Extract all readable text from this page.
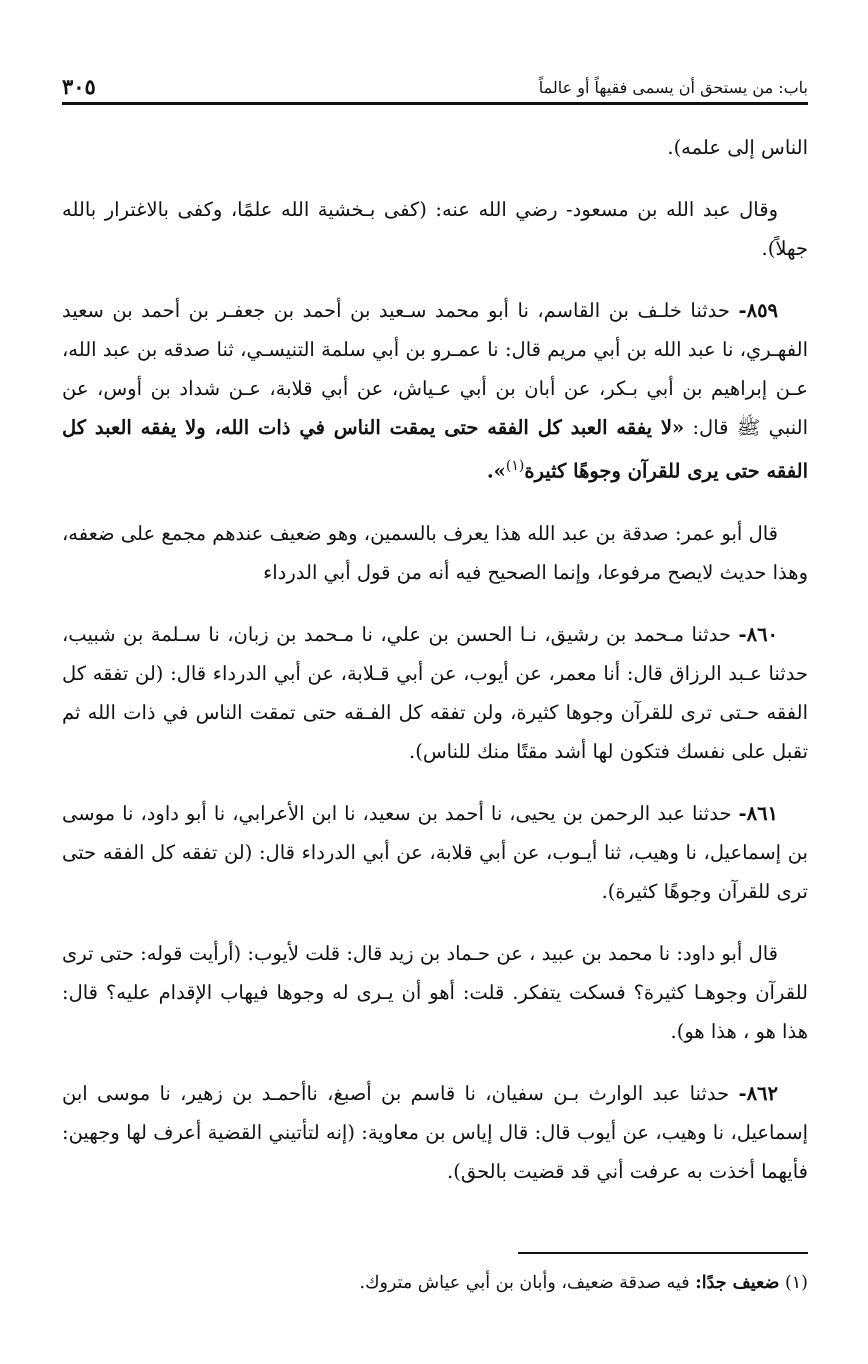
باب: من يستحق أن يسمى فقيهاً أو عالماً
٣٠٥

الناس إلى علمه).

وقال عبد الله بن مسعود- رضي الله عنه: (كفى بـخشية الله علمًا، وكفى بالاغترار بالله جهلاً).

٨٥٩- حدثنا خلـف بن القاسم، نا أبو محمد سـعيد بن أحمد بن جعفـر بن أحمد بن سعيد الفهـري، نا عبد الله بن أبي مريم قال: نا عمـرو بن أبي سلمة التنيسـي، ثنا صدقه بن عبد الله، عـن إبراهيم بن أبي بـكر، عن أبان بن أبي عـياش، عن أبي قلابة، عـن شداد بن أوس، عن النبي ﷺ قال: «لا يفقه العبد كل الفقه حتى يمقت الناس في ذات الله، ولا يفقه العبد كل الفقه حتى يرى للقرآن وجوهًا كثيرة$^{(١)}$».

قال أبو عمر: صدقة بن عبد الله هذا يعرف بالسمين، وهو ضعيف عندهم مجمع على ضعفه، وهذا حديث لايصح مرفوعا، وإنما الصحيح فيه أنه من قول أبي الدرداء

٨٦٠- حدثنا مـحمد بن رشيق، نـا الحسن بن علي، نا مـحمد بن زبان، نا سـلمة بن شبيب، حدثنا عـبد الرزاق قال: أنا معمر، عن أيوب، عن أبي قـلابة، عن أبي الدرداء قال: (لن تفقه كل الفقه حـتى ترى للقرآن وجوها كثيرة، ولن تفقه كل الفـقه حتى تمقت الناس في ذات الله ثم تقبل على نفسك فتكون لها أشد مقتًا منك للناس).

٨٦١- حدثنا عبد الرحمن بن يحيى، نا أحمد بن سعيد، نا ابن الأعرابي، نا أبو داود، نا موسى بن إسماعيل، نا وهيب، ثنا أيـوب، عن أبي قلابة، عن أبي الدرداء قال: (لن تفقه كل الفقه حتى ترى للقرآن وجوهًا كثيرة).

قال أبو داود: نا محمد بن عبيد ، عن حـماد بن زيد قال: قلت لأيوب: (أرأيت قوله: حتى ترى للقرآن وجوهـا كثيرة؟ فسكت يتفكر. قلت: أهو أن يـرى له وجوها فيهاب الإقدام عليه؟ قال: هذا هو ، هذا هو).

٨٦٢- حدثنا عبد الوارث بـن سفيان، نا قاسم بن أصبغ، ناأحمـد بن زهير، نا موسى ابن إسماعيل، نا وهيب، عن أيوب قال: قال إياس بن معاوية: (إنه لتأتيني القضية أعرف لها وجهين: فأيهما أخذت به عرفت أني قد قضيت بالحق).

(١) ضعيف جدًا: فيه صدقة ضعيف، وأبان بن أبي عياش متروك.
